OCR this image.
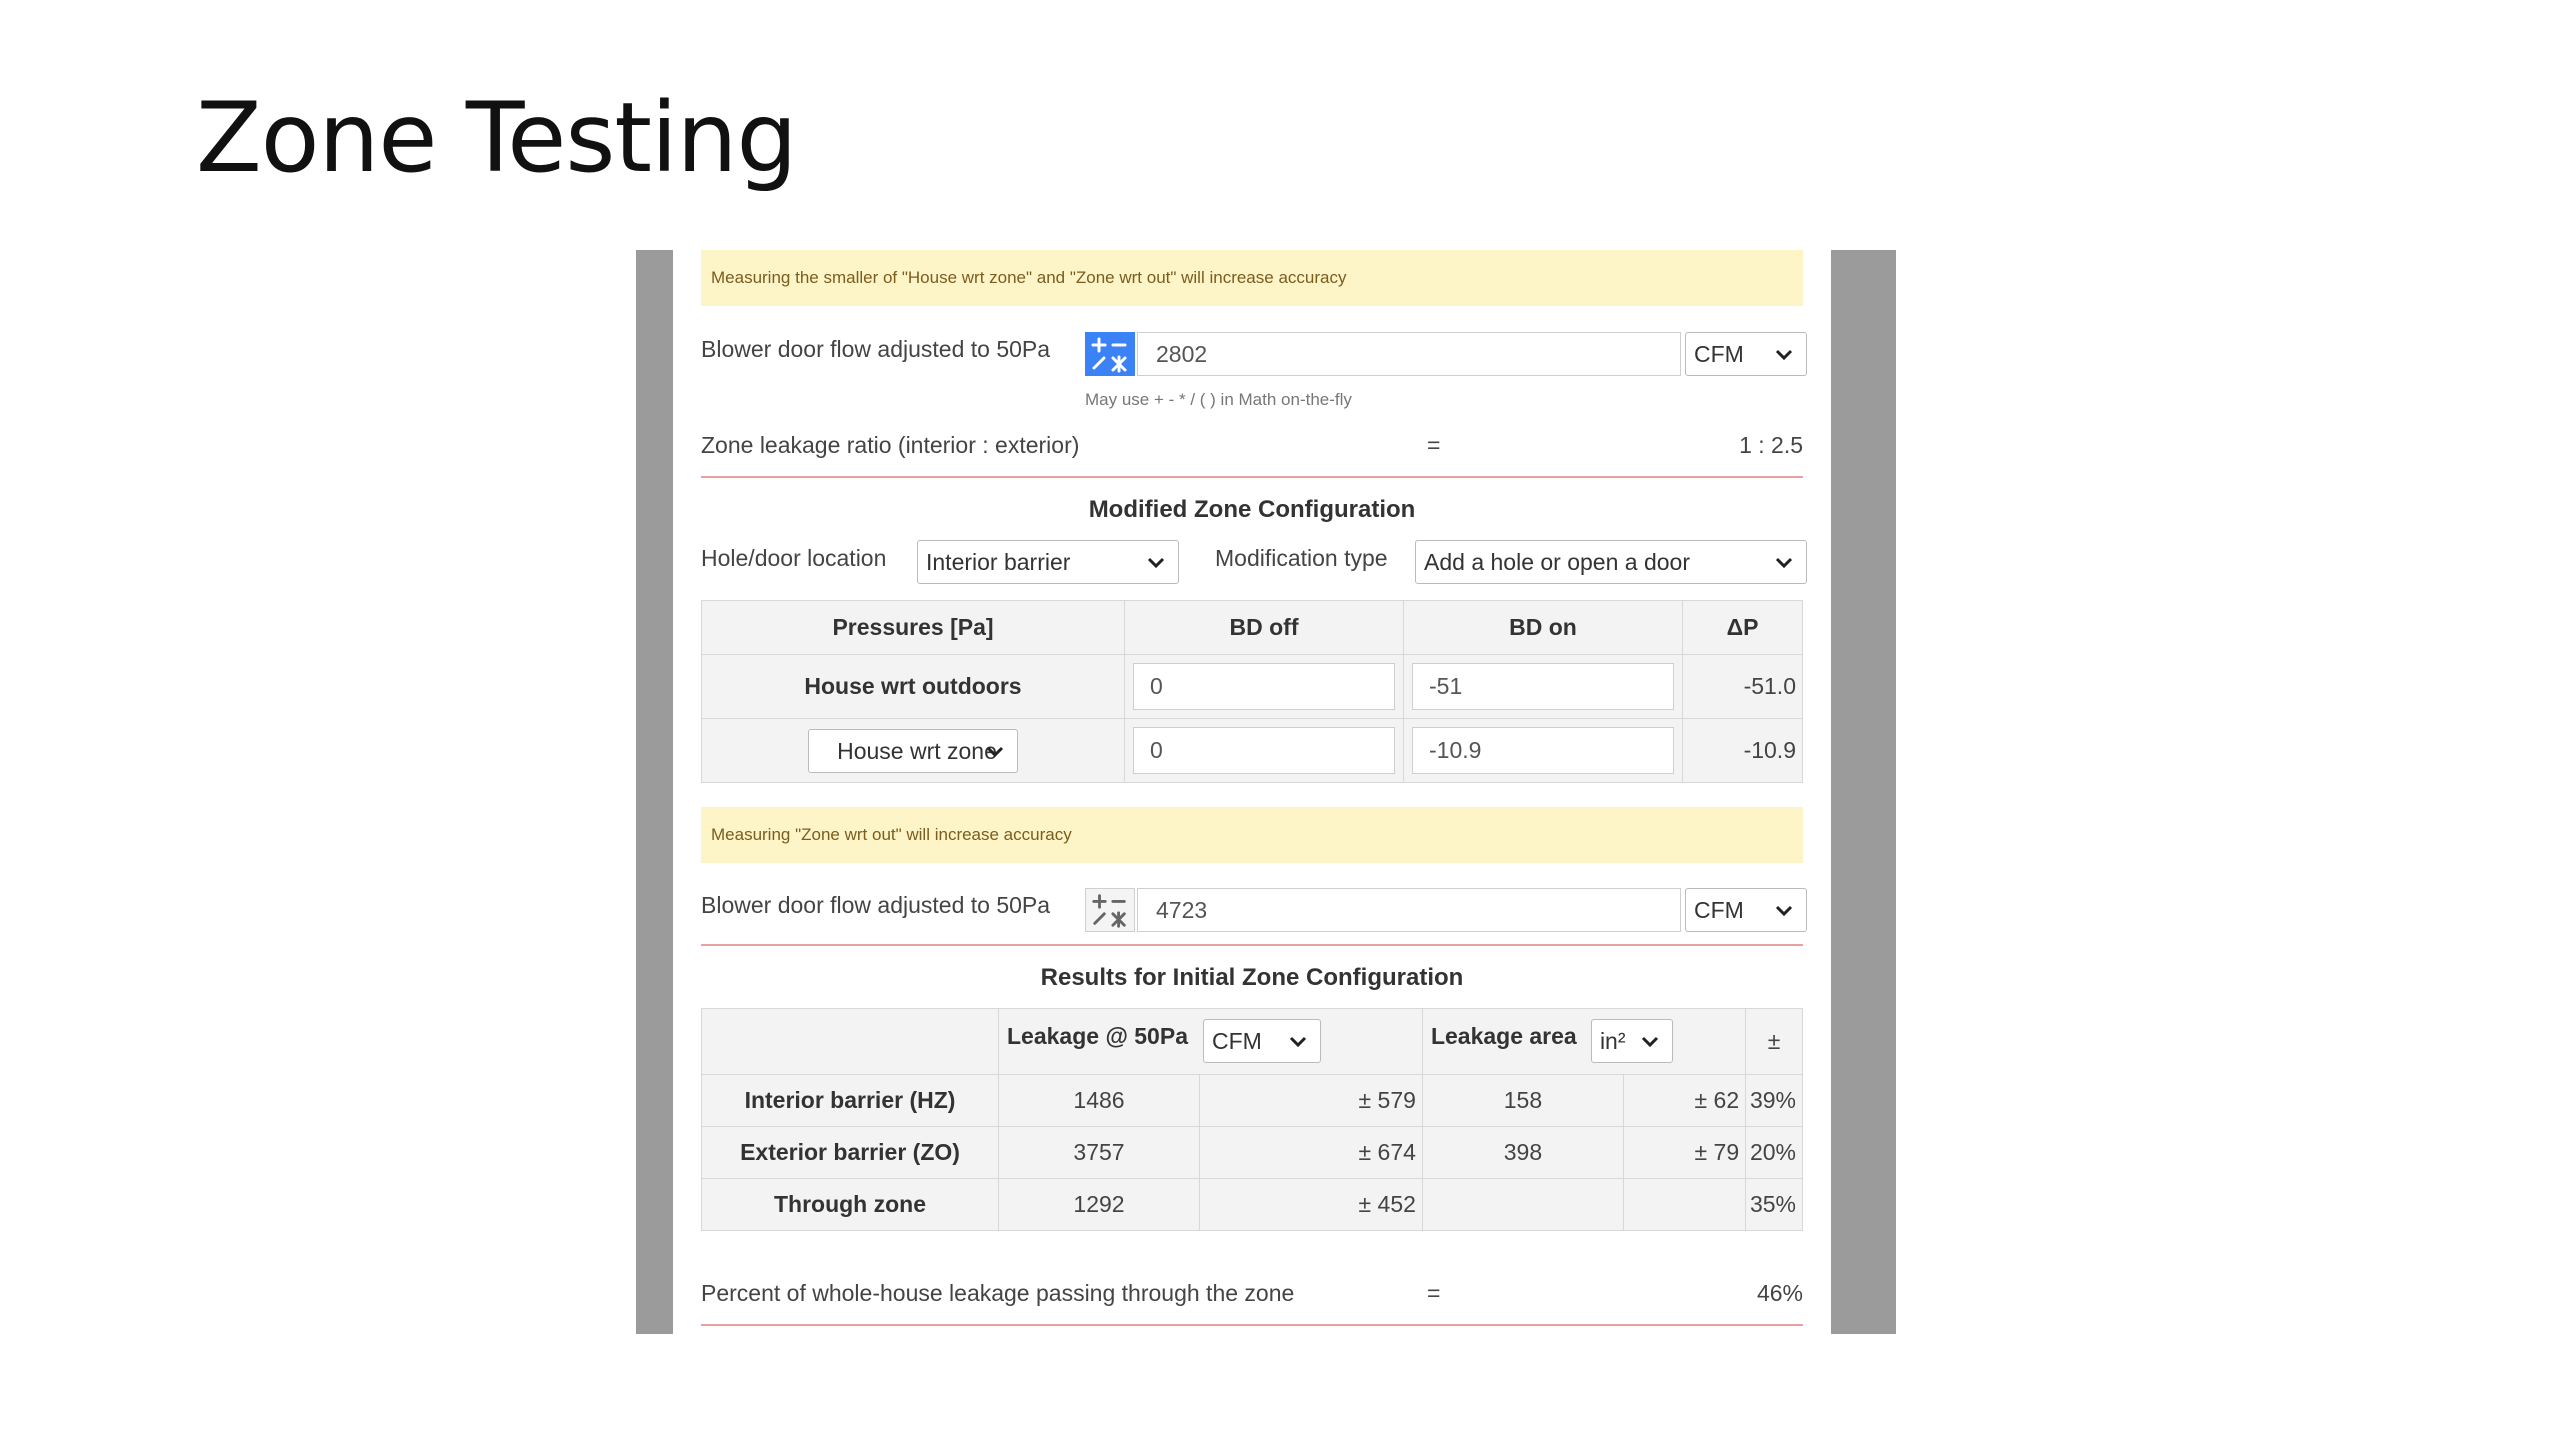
Zone Testing
Measuring the smaller of "House wrt zone" and "Zone wrt out" will increase accuracy
Blower door flow adjusted to 50Pa	2802	CFM
May use + - * / ( ) in Math on-the-fly
Zone leakage ratio (interior : exterior)	=	1 : 2.5
Modified Zone Configuration
Hole/door location	Interior barrier	Modification type	Add a hole or open a door
Pressures [Pa]	BD off	BD on	ΔP
House wrt outdoors	0	-51	-51.0

House wrt zone	0	-10.9	-10.9
Measuring "Zone wrt out" will increase accuracy
Blower door flow adjusted to 50Pa	4723	CFM
Results for Initial Zone Configuration

	Leakage @ 50Pa CFM		Leakage area in²		±
Interior barrier (HZ)	1486	± 579	158	± 62	39%
Exterior barrier (ZO)	3757	± 674	398	± 79	20%
Through zone	1292	± 452			35%
Percent of whole-house leakage passing through the zone	=	46%
